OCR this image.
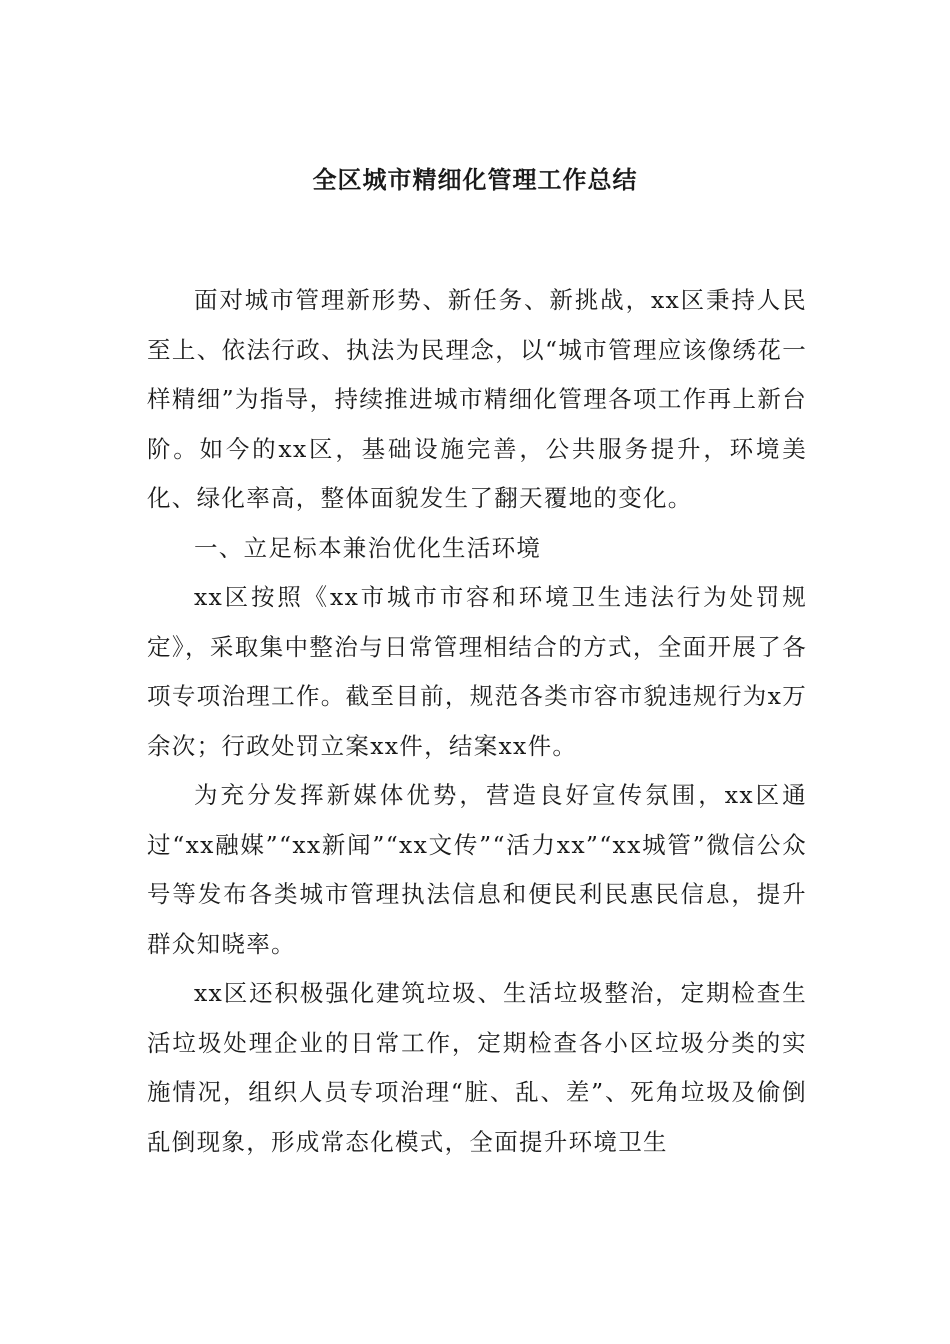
全区城市精细化管理工作总结

面对城市管理新形势、新任务、新挑战，xx区秉持人民至上、依法行政、执法为民理念，以“城市管理应该像绣花一样精细”为指导，持续推进城市精细化管理各项工作再上新台阶。如今的xx区，基础设施完善，公共服务提升，环境美化、绿化率高，整体面貌发生了翻天覆地的变化。

一、立足标本兼治优化生活环境

xx区按照《xx市城市市容和环境卫生违法行为处罚规定》，采取集中整治与日常管理相结合的方式，全面开展了各项专项治理工作。截至目前，规范各类市容市貌违规行为x万余次；行政处罚立案xx件，结案xx件。

为充分发挥新媒体优势，营造良好宣传氛围，xx区通过“xx融媒”“xx新闻”“xx文传”“活力xx”“xx城管”微信公众号等发布各类城市管理执法信息和便民利民惠民信息，提升群众知晓率。

xx区还积极强化建筑垃圾、生活垃圾整治，定期检查生活垃圾处理企业的日常工作，定期检查各小区垃圾分类的实施情况，组织人员专项治理“脏、乱、差”、死角垃圾及偷倒乱倒现象，形成常态化模式，全面提升环境卫生
